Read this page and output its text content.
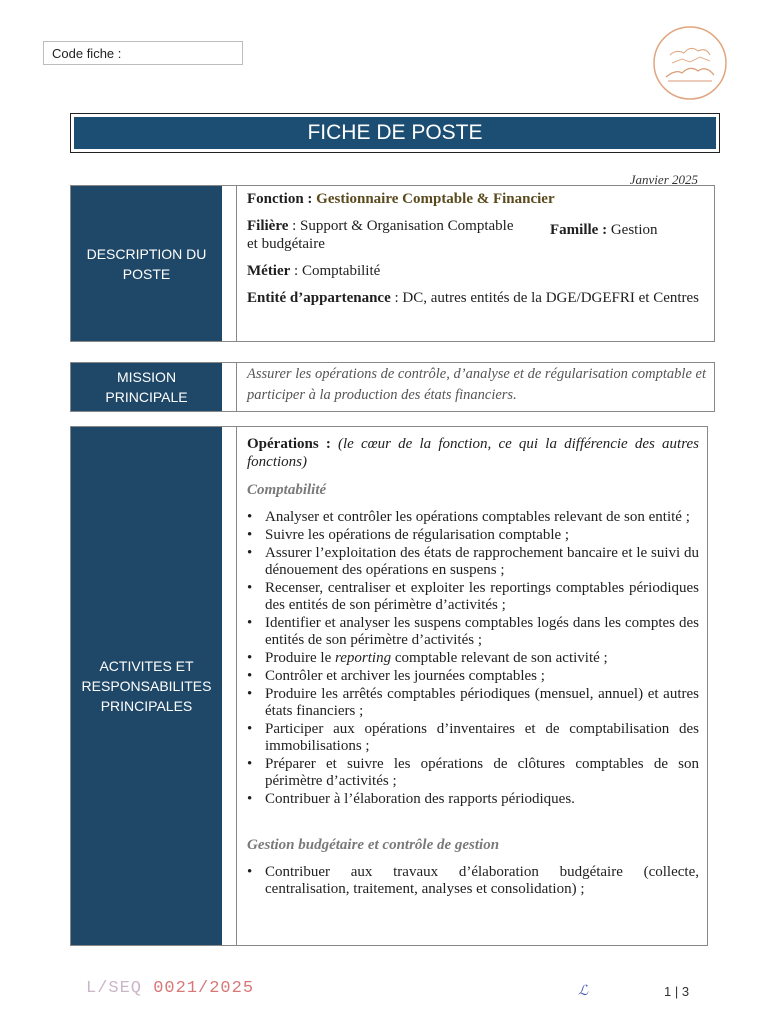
Code fiche :
FICHE DE POSTE
Janvier 2025
DESCRIPTION DU POSTE
Fonction : Gestionnaire Comptable & Financier
Filière : Support & Organisation Comptable et budgétaire
Famille : Gestion
Métier : Comptabilité
Entité d’appartenance : DC, autres entités de la DGE/DGEFRI et Centres
MISSION PRINCIPALE
Assurer les opérations de contrôle, d’analyse et de régularisation comptable et participer à la production des états financiers.
ACTIVITES ET RESPONSABILITES PRINCIPALES
Opérations : (le cœur de la fonction, ce qui la différencie des autres fonctions)
Comptabilité
• Analyser et contrôler les opérations comptables relevant de son entité ;
• Suivre les opérations de régularisation comptable ;
• Assurer l’exploitation des états de rapprochement bancaire et le suivi du dénouement des opérations en suspens ;
• Recenser, centraliser et exploiter les reportings comptables périodiques des entités de son périmètre d’activités ;
• Identifier et analyser les suspens comptables logés dans les comptes des entités de son périmètre d’activités ;
• Produire le reporting comptable relevant de son activité ;
• Contrôler et archiver les journées comptables ;
• Produire les arrêtés comptables périodiques (mensuel, annuel) et autres états financiers ;
• Participer aux opérations d’inventaires et de comptabilisation des immobilisations ;
• Préparer et suivre les opérations de clôtures comptables de son périmètre d’activités ;
• Contribuer à l’élaboration des rapports périodiques.
Gestion budgétaire et contrôle de gestion
• Contribuer aux travaux d’élaboration budgétaire (collecte, centralisation, traitement, analyses et consolidation) ;
L/SEQ 0021/2025	ℒ	1 | 3
